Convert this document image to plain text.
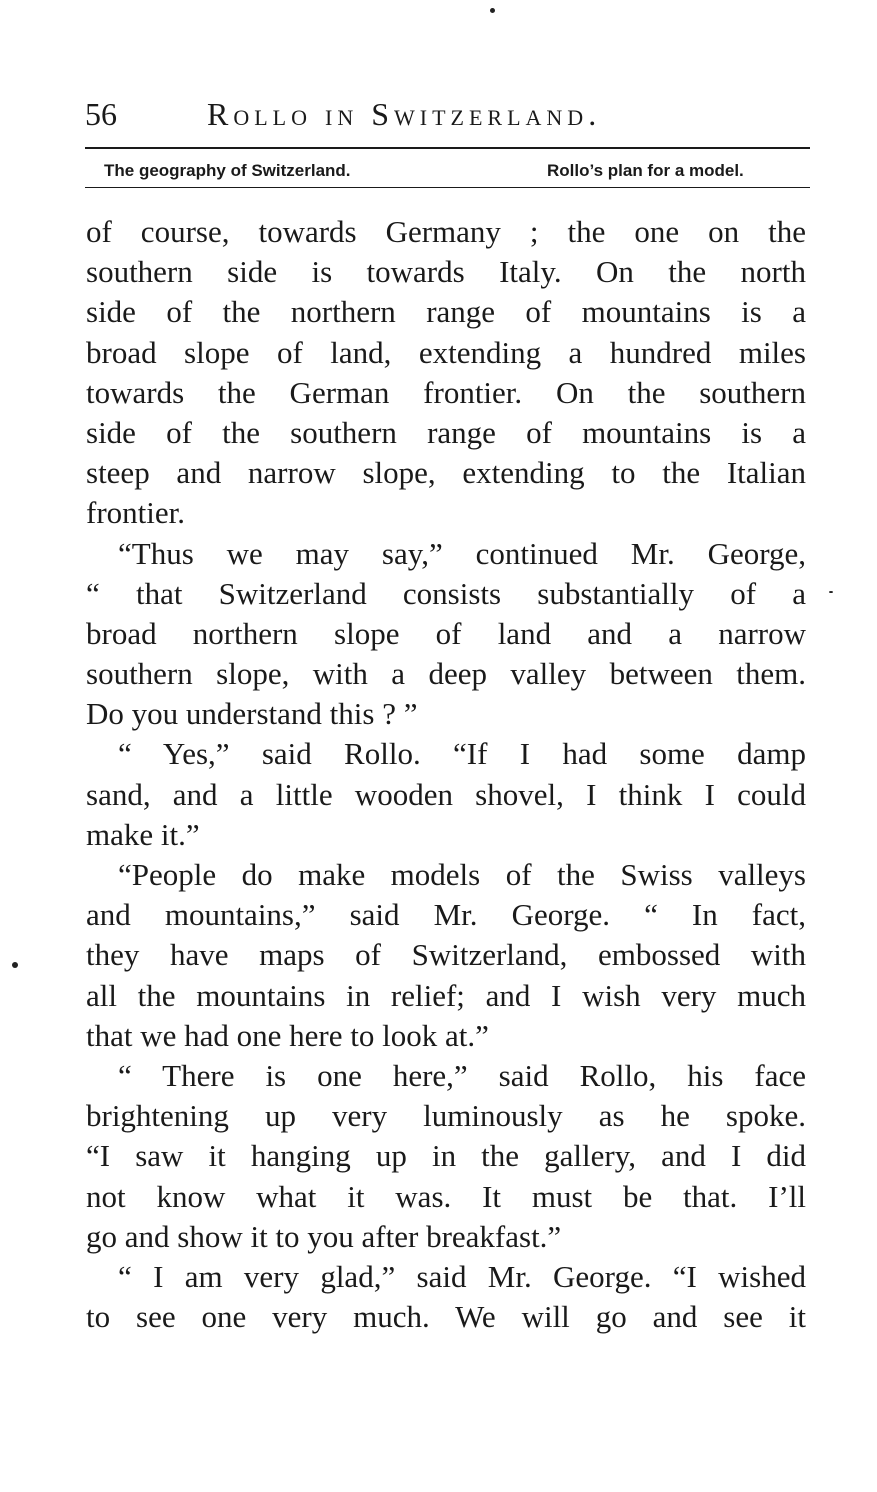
56	Rollo in Switzerland.
The geography of Switzerland.	Rollo’s plan for a model.
of course, towards Germany ; the one on the
southern side is towards Italy. On the north
side of the northern range of mountains is a
broad slope of land, extending a hundred miles
towards the German frontier. On the southern
side of the southern range of mountains is a
steep and narrow slope, extending to the Italian
frontier.
“Thus we may say,” continued Mr. George,
“ that Switzerland consists substantially of a
broad northern slope of land and a narrow
southern slope, with a deep valley between them.
Do you understand this ? ”
“ Yes,” said Rollo. “If I had some damp
sand, and a little wooden shovel, I think I could
make it.”
“People do make models of the Swiss valleys
and mountains,” said Mr. George. “ In fact,
they have maps of Switzerland, embossed with
all the mountains in relief; and I wish very much
that we had one here to look at.”
“ There is one here,” said Rollo, his face
brightening up very luminously as he spoke.
“I saw it hanging up in the gallery, and I did
not know what it was. It must be that. I’ll
go and show it to you after breakfast.”
“ I am very glad,” said Mr. George. “I wished
to see one very much. We will go and see it
